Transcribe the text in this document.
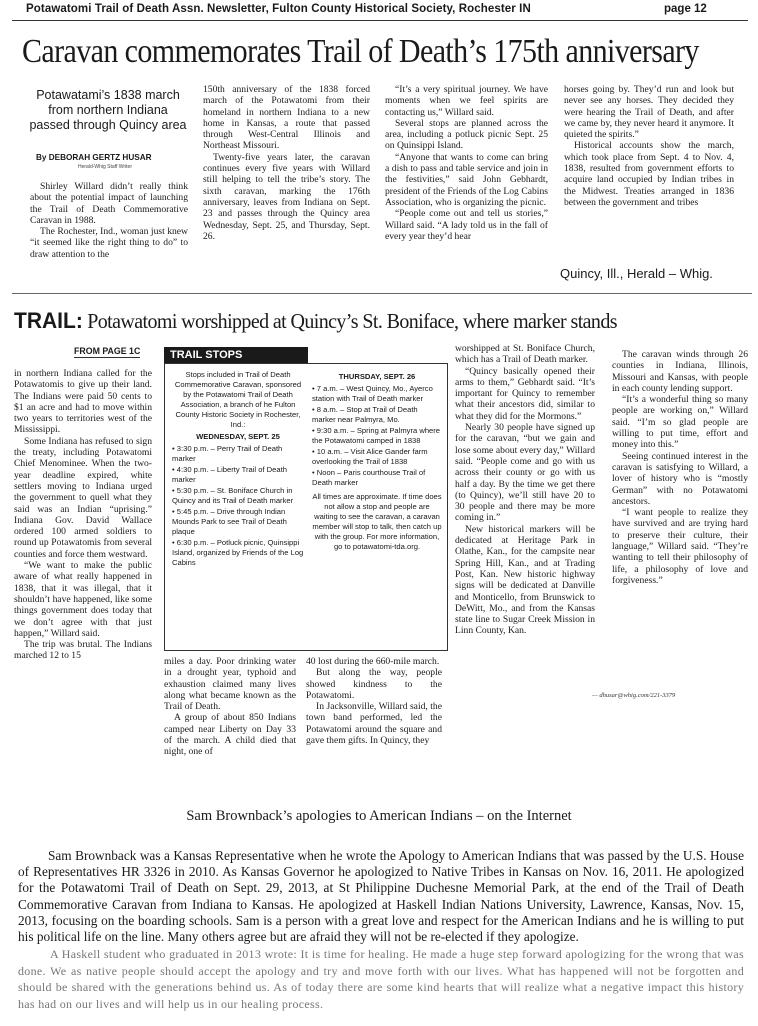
Potawatomi Trail of Death Assn. Newsletter, Fulton County Historical Society, Rochester IN	page 12
Caravan commemorates Trail of Death’s 175th anniversary
Potawatami’s 1838 march from northern Indiana passed through Quincy area
By DEBORAH GERTZ HUSAR
Herald-Whig Staff Writer

Shirley Willard didn’t really think about the potential impact of launching the Trail of Death Commemorative Caravan in 1988.

The Rochester, Ind., woman just knew “it seemed like the right thing to do” to draw attention to the

150th anniversary of the 1838 forced march of the Potawatomi from their homeland in northern Indiana to a new home in Kansas, a route that passed through West-Central Illinois and Northeast Missouri.

Twenty-five years later, the caravan continues every five years with Willard still helping to tell the tribe’s story. The sixth caravan, marking the 176th anniversary, leaves from Indiana on Sept. 23 and passes through the Quincy area Wednesday, Sept. 25, and Thursday, Sept. 26.

“It’s a very spiritual journey. We have moments when we feel spirits are contacting us,” Willard said.

Several stops are planned across the area, including a potluck picnic Sept. 25 on Quinsippi Island.

“Anyone that wants to come can bring a dish to pass and table service and join in the festivities,” said John Gebhardt, president of the Friends of the Log Cabins Association, who is organizing the picnic.

“People come out and tell us stories,” Willard said. “A lady told us in the fall of every year they’d hear

horses going by. They’d run and look but never see any horses. They decided they were hearing the Trail of Death, and after we came by, they never heard it anymore. It quieted the spirits.”

Historical accounts show the march, which took place from Sept. 4 to Nov. 4, 1838, resulted from government efforts to acquire land occupied by Indian tribes in the Midwest. Treaties arranged in 1836 between the government and tribes

Quincy, Ill., Herald – Whig.
TRAIL: Potawatomi worshipped at Quincy’s St. Boniface, where marker stands
FROM PAGE 1C

in northern Indiana called for the Potawatomis to give up their land. The Indians were paid 50 cents to $1 an acre and had to move within two years to territories west of the Mississippi.

Some Indiana has refused to sign the treaty, including Potawatomi Chief Menominee. When the two-year deadline expired, white settlers moving to Indiana urged the government to quell what they said was an Indian “uprising.” Indiana Gov. David Wallace ordered 100 armed soldiers to round up Potawatomis from several counties and force them westward.

“We want to make the public aware of what really happened in 1838, that it was illegal, that it shouldn’t have happened, like some things government does today that we don’t agree with that just happen,” Willard said.

The trip was brutal. The Indians marched 12 to 15

TRAIL STOPS

Stops included in Trail of Death Commemorative Caravan, sponsored by the Potawatomi Trail of Death Association, a branch of he Fulton County Historic Society in Rochester, Ind.:

WEDNESDAY, SEPT. 25

• 3:30 p.m. – Perry Trail of Death marker

• 4:30 p.m. – Liberty Trail of Death marker

• 5:30 p.m. – St. Boniface Church in Quincy and its Trail of Death marker

• 5:45 p.m. – Drive through Indian Mounds Park to see Trail of Death plaque

• 6:30 p.m. – Potluck picnic, Quinsippi Island, organized by Friends of the Log Cabins

THURSDAY, SEPT. 26

• 7 a.m. – West Quincy, Mo., Ayerco station with Trail of Death marker

• 8 a.m. – Stop at Trail of Death marker near Palmyra, Mo.

• 9:30 a.m. – Spring at Palmyra where the Potawatomi camped in 1838

• 10 a.m. – Visit Alice Gander farm overlooking the Trail of 1838

• Noon – Paris courthouse Trail of Death marker

All times are approximate. If time does not allow a stop and people are waiting to see the caravan, a caravan member will stop to talk, then catch up with the group. For more information, go to potawatomi-tda.org.

miles a day. Poor drinking water in a drought year, typhoid and exhaustion claimed many lives along what became known as the Trail of Death.

A group of about 850 Indians camped near Liberty on Day 33 of the march. A child died that night, one of

40 lost during the 660-mile march.

But along the way, people showed kindness to the Potawatomi.

In Jacksonville, Willard said, the town band performed, led the Potawatomi around the square and gave them gifts. In Quincy, they

worshipped at St. Boniface Church, which has a Trail of Death marker.

“Quincy basically opened their arms to them,” Gebhardt said. “It’s important for Quincy to remember what their ancestors did, similar to what they did for the Mormons.”

Nearly 30 people have signed up for the caravan, “but we gain and lose some about every day,” Willard said. “People come and go with us across their county or go with us half a day. By the time we get there (to Quincy), we’ll still have 20 to 30 people and there may be more coming in.”

New historical markers will be dedicated at Heritage Park in Olathe, Kan., for the campsite near Spring Hill, Kan., and at Trading Post, Kan. New historic highway signs will be dedicated at Danville and Monticello, from Brunswick to DeWitt, Mo., and from the Kansas state line to Sugar Creek Mission in Linn County, Kan.

The caravan winds through 26 counties in Indiana, Illinois, Missouri and Kansas, with people in each county lending support.

“It’s a wonderful thing so many people are working on,” Willard said. “I’m so glad people are willing to put time, effort and money into this.”

Seeing continued interest in the caravan is satisfying to Willard, a lover of history who is “mostly German” with no Potawatomi ancestors.

“I want people to realize they have survived and are trying hard to preserve their culture, their language,” Willard said. “They’re wanting to tell their philosophy of life, a philosophy of love and forgiveness.”

— dhusar@whig.com/221-3379
Sam Brownback’s apologies to American Indians – on the Internet

Sam Brownback was a Kansas Representative when he wrote the Apology to American Indians that was passed by the U.S. House of Representatives HR 3326 in 2010. As Kansas Governor he apologized to Native Tribes in Kansas on Nov. 16, 2011. He apologized for the Potawatomi Trail of Death on Sept. 29, 2013, at St Philippine Duchesne Memorial Park, at the end of the Trail of Death Commemorative Caravan from Indiana to Kansas. He apologized at Haskell Indian Nations University, Lawrence, Kansas, Nov. 15, 2013, focusing on the boarding schools. Sam is a person with a great love and respect for the American Indians and he is willing to put his political life on the line. Many others agree but are afraid they will not be re-elected if they apologize.

A Haskell student who graduated in 2013 wrote: It is time for healing. He made a huge step forward apologizing for the wrong that was done. We as native people should accept the apology and try and move forth with our lives. What has happened will not be forgotten and should be shared with the generations behind us. As of today there are some kind hearts that will realize what a negative impact this history has had on our lives and will help us in our healing process.
